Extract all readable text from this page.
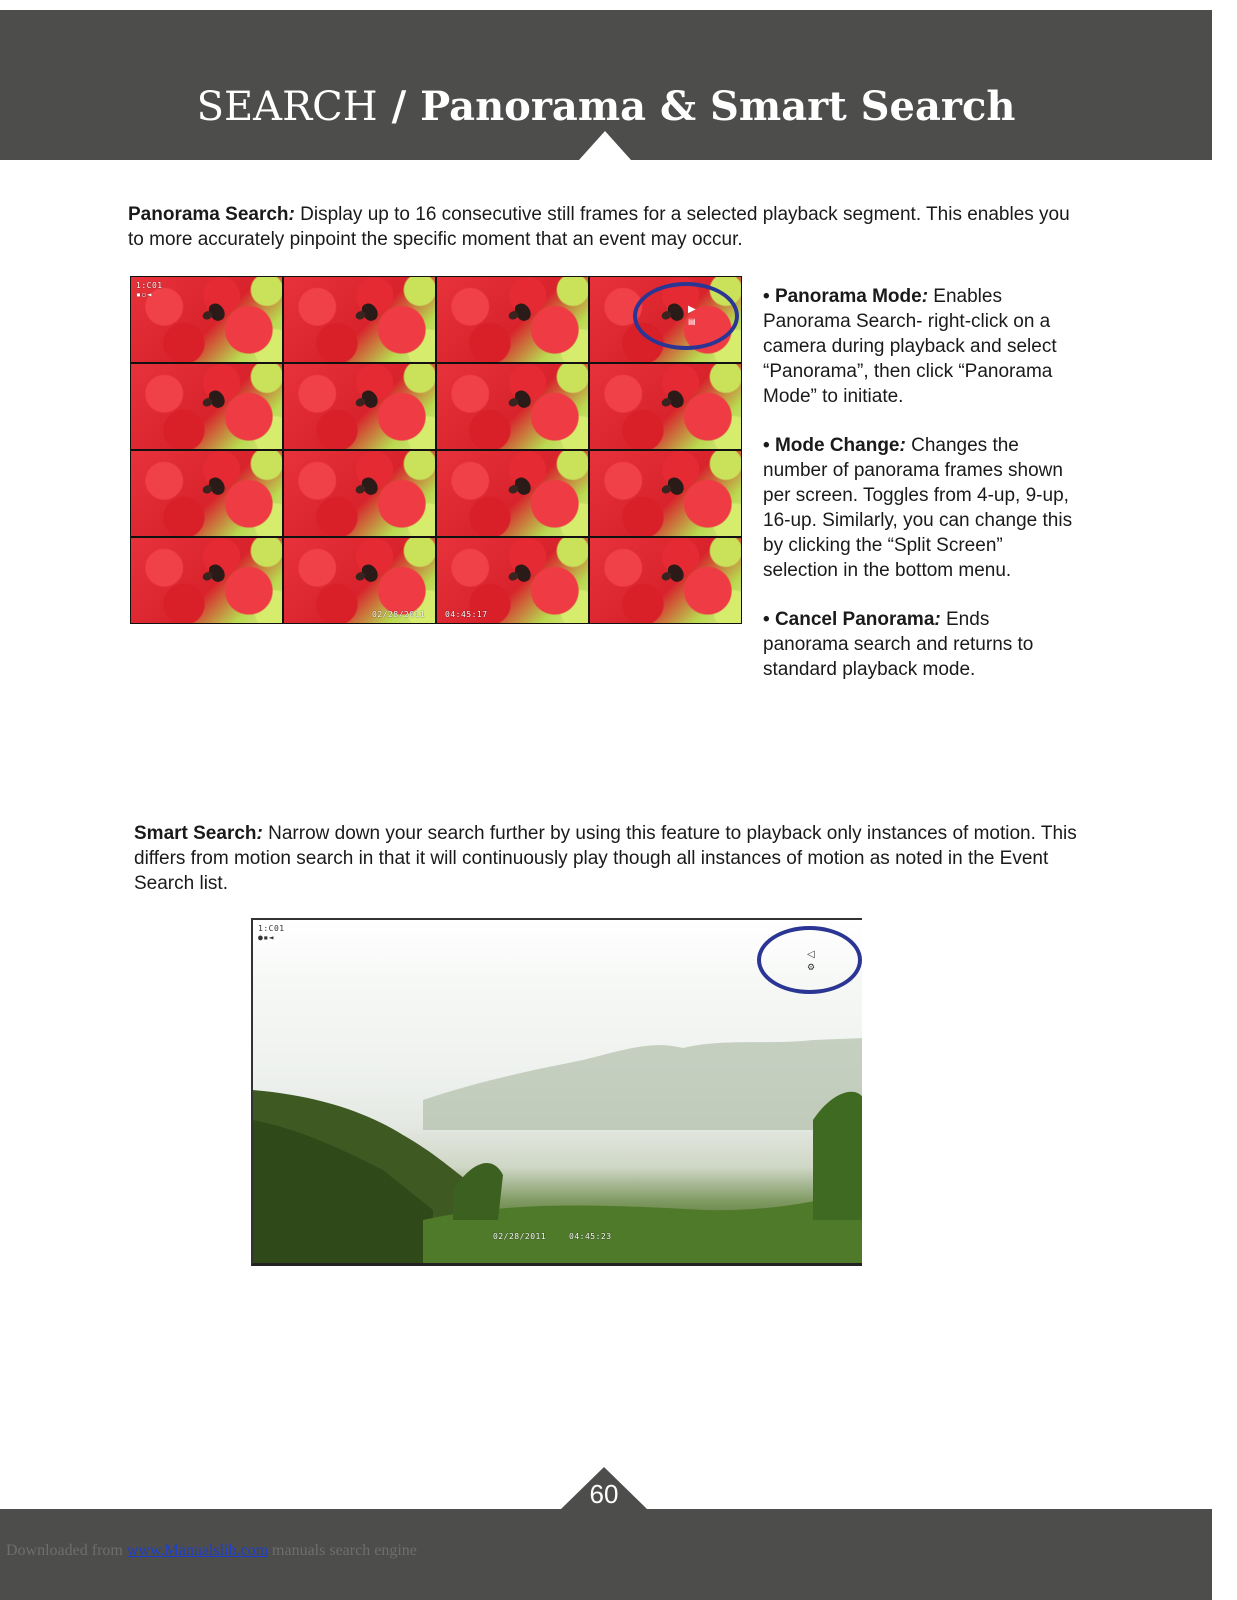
SEARCH / Panorama & Smart Search
Panorama Search: Display up to 16 consecutive still frames for a selected playback segment. This enables you to more accurately pinpoint the specific moment that an event may occur.
1:C01
▪▫◄
▶
▤
02/28/2011 04:45:17
• Panorama Mode: Enables Panorama Search- right-click on a camera during playback and select “Panorama”, then click “Panorama Mode” to initiate.
• Mode Change: Changes the number of panorama frames shown per screen. Toggles from 4-up, 9-up, 16-up. Similarly, you can change this by clicking the “Split Screen” selection in the bottom menu.
• Cancel Panorama: Ends panorama search and returns to standard playback mode.
Smart Search: Narrow down your search further by using this feature to playback only instances of motion. This differs from motion search in that it will continuously play though all instances of motion as noted in the Event Search list.
1:C01
●▪◄
◁
⚙
02/28/2011	04:45:23
60
Downloaded from www.Manualslib.com manuals search engine
